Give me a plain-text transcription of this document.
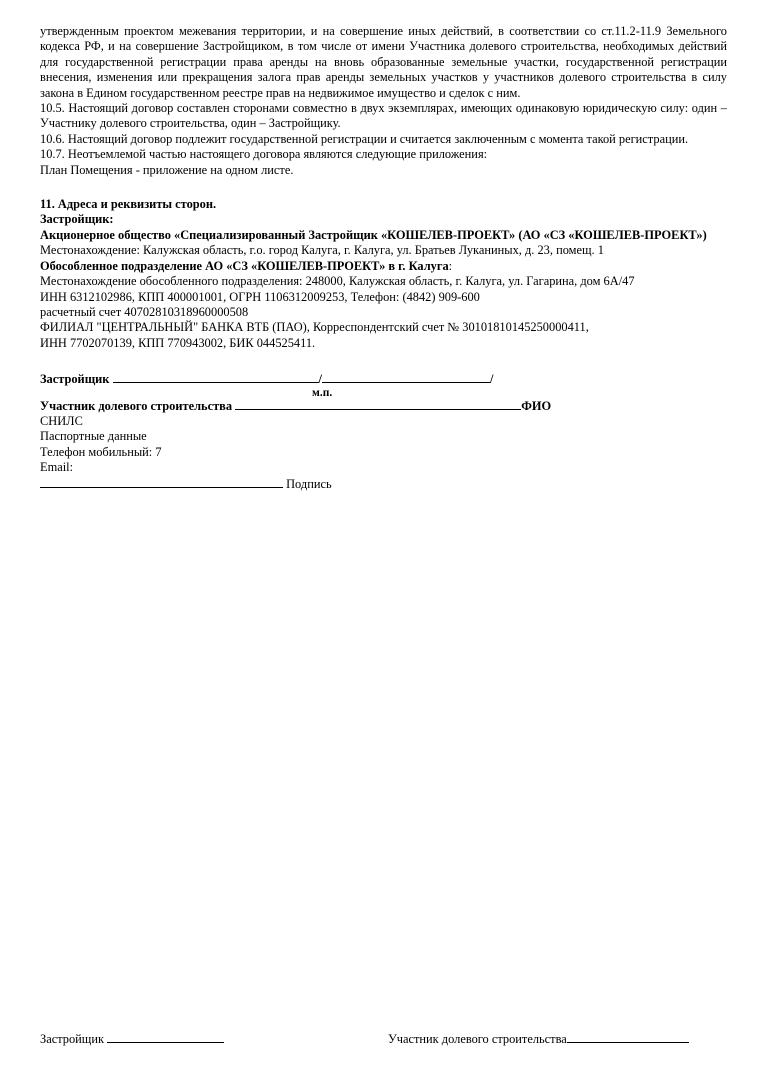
утвержденным проектом межевания территории, и на совершение иных действий, в соответствии со ст.11.2-11.9 Земельного кодекса РФ, и на совершение Застройщиком, в том числе от имени Участника долевого строительства, необходимых действий для государственной регистрации права аренды на вновь образованные земельные участки, государственной регистрации внесения, изменения или прекращения залога прав аренды земельных участков у участников долевого строительства в силу закона в Едином государственном реестре прав на недвижимое имущество и сделок с ним.

10.5. Настоящий договор составлен сторонами совместно в двух экземплярах, имеющих одинаковую юридическую силу: один – Участнику долевого строительства, один – Застройщику.

10.6. Настоящий договор подлежит государственной регистрации и считается заключенным с момента такой регистрации.

10.7. Неотъемлемой частью настоящего договора являются следующие приложения:

План Помещения - приложение на одном листе.

11. Адреса и реквизиты сторон.

Застройщик:

Акционерное общество «Специализированный Застройщик «КОШЕЛЕВ-ПРОЕКТ» (АО «СЗ «КОШЕЛЕВ-ПРОЕКТ»)

Местонахождение: Калужская область, г.о. город Калуга, г. Калуга, ул. Братьев Луканиных, д. 23, помещ. 1

Обособленное подразделение АО «СЗ «КОШЕЛЕВ-ПРОЕКТ» в г. Калуга:

Местонахождение обособленного подразделения: 248000, Калужская область, г. Калуга, ул. Гагарина, дом 6А/47

ИНН 6312102986, КПП 400001001, ОГРН 1106312009253, Телефон: (4842) 909-600

расчетный счет 40702810318960000508

ФИЛИАЛ "ЦЕНТРАЛЬНЫЙ" БАНКА ВТБ (ПАО), Корреспондентский счет № 30101810145250000411,

ИНН 7702070139, КПП 770943002, БИК 044525411.

Застройщик	/	/
м.п.
Участник долевого строительства	ФИО

СНИЛС

Паспортные данные

Телефон мобильный: 7

Email:

Подпись
Застройщик	Участник долевого строительства
